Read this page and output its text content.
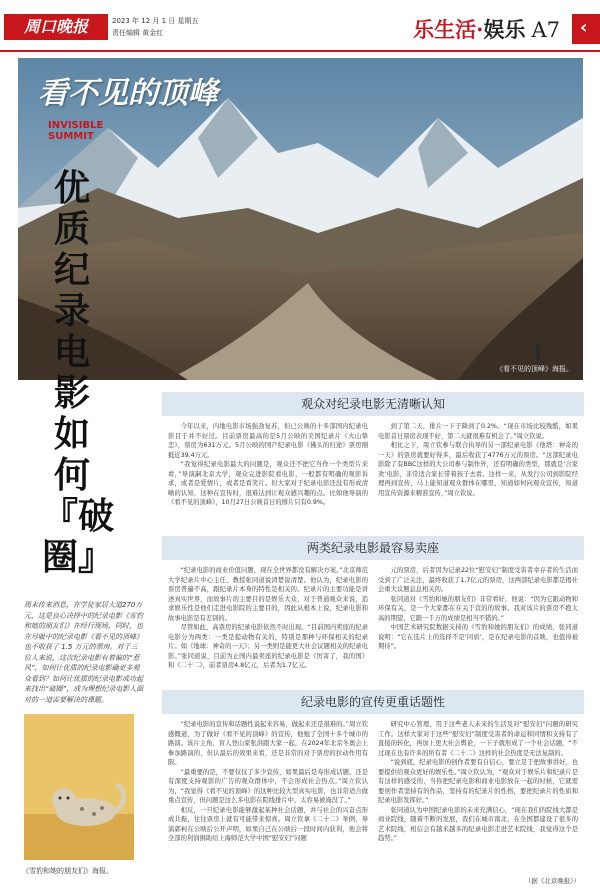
周口晚报	2023 年 12 月 1 日 星期五
责任编辑 黄金红	乐生活·娱乐 A7 ‹
看不见的顶峰
INVISIBLE
SUMMIT
《看不见的顶峰》海报。
优质纪录电影如何『破圈』
周末传来消息，在学徒家居大道270万元，这是良心决择中的纪录电影《雪豹和她的朋友们》在经行现场，同时，也在尽吸中的纪录电影《看不见的顶峰》也不收获了 1.5 万元的票房。对于三位人来说，这次纪录电影有着偏的“惹风”，如何让优质的纪录电影确更多观众看到？如何让优质的纪录电影成功起来找出“破圈”，成为理想纪录电影人面对的一道需要解决的课题。
《雪豹和她的朋友们》海报。
观众对纪录电影无清晰认知

今年以来，内地电影市场强劲复苏，但已公映的十多部国内纪录电影目于并不好过。目前票房最高的是5月公映的美国纪录片《火山挚恋》，票房为631万元。5月公映的国产纪录电影《佛头的归途》票房刚抵近39.4万元。

“我觉得纪录电影最大的问题是，观众还不把它当作一个类型片来看，”导演嗣北京大学，观众完进影院看电影，一般都有明确的观影诉求，或者是爱情片，或者是看笑片。但大家对于纪录电影还没有形成清晰的认知，这种在宣传时，很难达到让观众感兴趣的点。比如他导演的《看不见的顶峰》，10月27日公映首日的排片只有0.9%。

到了第二天，排片一下子降到了0.2%。“现在市场比较残酷，如果电影首日票房表现不好，第二天就很难有机会了。”周立钦说。

相比之下，周立钦参与联合执导的另一部纪录电影《他塔：神奇的一天》的票房就要好得多，最后收获了4776万元的票房。“这部纪录电影除了有BBC这样的大公司参与制作外，还有明确的类型，那就是‘合家欢’电影，非常适合家长带着孩子去看。这样一来，从发行公司到影院经理再到宣传，马上能知道观众群体在哪里，知道如何向观众宣传，知道用宣传资源来精准宣传，”周立钦说。

两类纪录电影最容易卖座

“纪录电影的商业价值问题，现在全世界都没有解决方案。”北京师范大学纪录片中心主任、教授张同道说清楚说清楚。他认为，纪录电影的票房普遍不高，跟纪录片本身的特性是相关的。纪录片的主要功能是讲述真实世界，而故事片的主要目的是娱乐大众，对于普通观众来说，追求娱乐性是他们走进电影院的主要目的，因此从根本上说，纪录电影和故事电影是有差别的。

尽管如此，高票房的纪录电影依然不时出现。“目前国内卖座的纪录电影分为两类：一类是提动物有关的，特别是那种与环保相关的纪录片。如《地球：神奇的一天》；另一类则是能更大社会议题相关的纪录电影。”张同道说，目前为止国内最卖座的纪录电影是《厉害了，我的国》和《二十二》，前者票房4.8亿元，后者为1.7亿元。

元的票房，后者因为记录22位“慰安妇”制度受害者幸存者的生活而受到了广泛关注，最终收获了1.7亿元的票房，这两部纪录电影都是揭社会重大议题息息相关的。

张同道对《雪豹和她的朋友们》非常看好，他说：“因为它跟动物和环保有关，是一个大家都在在关于宣的的故事。我对该片的票房不抱太高的期望，它跟一千万的成绩是相当不错的。”

中国艺术研究院数据支持的《雪豹和她的朋友们》的成绩，张同道说明：“它在选片上的选择不是‘同质’，是在纪录电影的首映，也值得被期待”。

纪录电影的宣传更重话题性

“纪录电影的宣传和话题性说起来容易，做起来还是很难的。”周立钦感慨道，为了做好《看不见的顶峰》的宣传，他勉了全国十多个城市的路演。该片主角、盲人登山家张洪跟大家一起，在2024年北京冬奥会上参加路演的，但认最后的效果来看，还是非常的对于票房的拉动作用有限。

“最重要的是，不要仅仅了多少宣传，如果最后是寿形成话题，还是有深度支持观影的广告的观众群体中，不会形成社会热点。”周立钦认为，“我觉得《看不见的顶峰》的这种比较大型真实电影，也非常适合做重点宣传，但问题是这么多电影在院线排片中，太容易被淹没了。”

相反，一旦纪录电影能够激起某种社会话题，并与社会的兴奋点形成共振，往往票房上就有可能带来惊喜。周立钦拿《二十二》举例，导演郭柯在公映后公开声明，如果自己在公映后一段时间内获利，他会将全部的利润捐助给上海师范大学中国“慰安妇”问题

研究中心管理，用于这些老人未来的生活及对“慰安妇”问题的研究工作。这样大家对于这些“慰安妇”制度受害者的命运和同情和支持有了直接的转化，再加上更大社会舆论，一下子就形成了一个社会话题，“不过现在也有许多的所有者《二十二》这样的社会热度是无法复制的。

“说到底，纪录电影的创作者要有自信心，要立足于把故事讲好，也要提供给观众更好的娱乐性。”周立钦认为，“观众对于娱乐片和纪录片是有这样的感受的，当你把纪录电影和商业电影放在一起的时候，它就需要创作者坚持有的作品，坚持有的纪录片的性格，要把纪录片的性质和纪录电影发挥好。”

张同道认为中国纪录电影的未来充满信心，“现在我们的院线大都是商业院线，随着不断的发展，我们在城市南北，在全国都建设了很多的艺术院线，相信会有越来越多的纪录电影走进艺术院线，我觉得这个是趋势。”

（据《北京晚报》）
